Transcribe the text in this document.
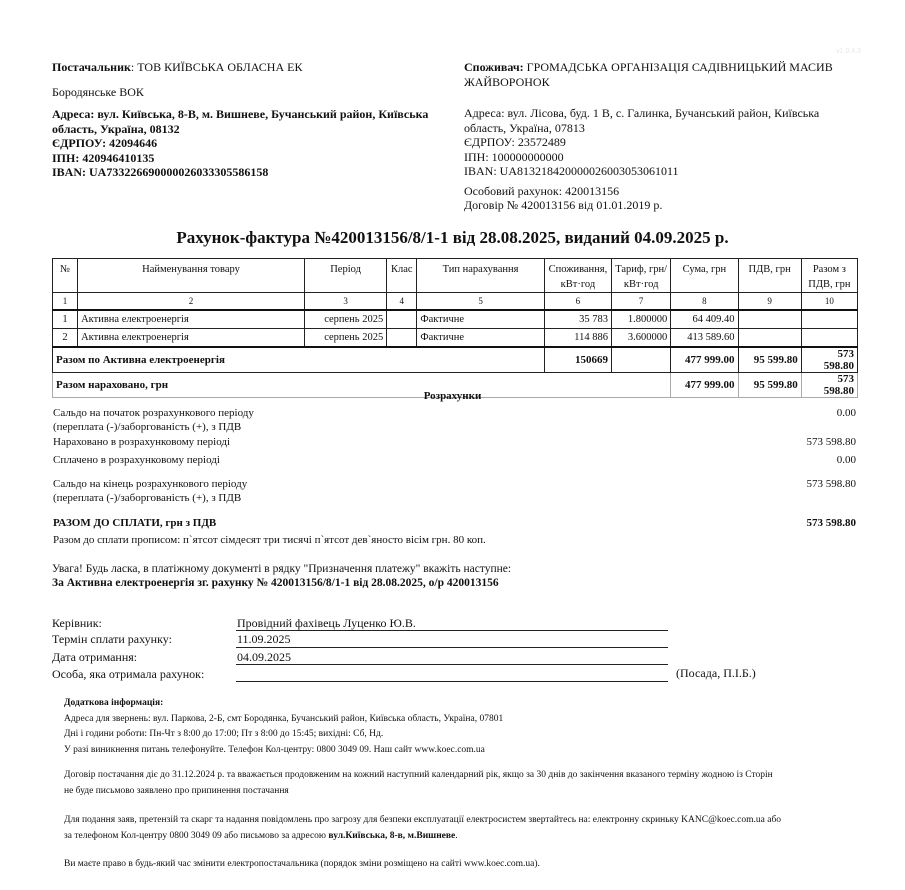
v1.0.4.3
Постачальник: ТОВ КИЇВСЬКА ОБЛАСНА ЕК
Бородянське ВОК
Адреса: вул. Київська, 8-В, м. Вишневе, Бучанський район, Київська область, Україна, 08132
ЄДРПОУ: 42094646
ІПН: 420946410135
IBAN: UA733226690000026033305586158
Споживач: ГРОМАДСЬКА ОРГАНІЗАЦІЯ САДІВНИЦЬКИЙ МАСИВ ЖАЙВОРОНОК
Адреса: вул. Лісова, буд. 1 В, с. Галинка, Бучанський район, Київська область, Україна, 07813
ЄДРПОУ: 23572489
ІПН: 100000000000
IBAN: UA813218420000026003053061011
Особовий рахунок: 420013156
Договір № 420013156 від 01.01.2019 р.
Рахунок-фактура №420013156/8/1-1 від 28.08.2025, виданий 04.09.2025 р.
№	Найменування товару	Період	Клас	Тип нарахування	Споживання, кВт·год	Тариф, грн/кВт·год	Сума, грн	ПДВ, грн	Разом з ПДВ, грн
1	2	3	4	5	6	7	8	9	10
1	Активна електроенергія	серпень 2025		Фактичне	35 783	1.800000	64 409.40		
2	Активна електроенергія	серпень 2025		Фактичне	114 886	3.600000	413 589.60		
Разом по Активна електроенергія					150669		477 999.00	95 599.80	573 598.80
Разом нараховано, грн							477 999.00	95 599.80	573 598.80
Розрахунки
Сальдо на початок розрахункового періоду
(переплата (-)/заборгованість (+), з ПДВ
0.00
Нараховано в розрахунковому періоді	573 598.80
Сплачено в розрахунковому періоді	0.00
Сальдо на кінець розрахункового періоду
(переплата (-)/заборгованість (+), з ПДВ
573 598.80
РАЗОМ ДО СПЛАТИ, грн з ПДВ	573 598.80
Разом до сплати прописом: п`ятсот сімдесят три тисячі п`ятсот дев`яносто вісім грн. 80 коп.
Увага! Будь ласка, в платіжному документі в рядку "Призначення платежу" вкажіть наступне:
За Активна електроенергія зг. рахунку № 420013156/8/1-1 від 28.08.2025, о/р 420013156
Керівник:	Провідний фахівець Луценко Ю.В.
Термін сплати рахунку:	11.09.2025
Дата отримання:	04.09.2025
Особа, яка отримала рахунок:	(Посада, П.І.Б.)
Додаткова інформація:
Адреса для звернень: вул. Паркова, 2-Б, смт Бородянка, Бучанський район, Київська область, Україна, 07801
Дні і години роботи: Пн-Чт з 8:00 до 17:00; Пт з 8:00 до 15:45; вихідні: Сб, Нд.
У разі виникнення питань телефонуйте. Телефон Кол-центру: 0800 3049 09. Наш сайт www.koec.com.ua
Договір постачання діє до 31.12.2024 р. та вважається продовженим на кожний наступний календарний рік, якщо за 30 днів до закінчення вказаного терміну жодною із Сторін
не буде письмово заявлено про припинення постачання
Для подання заяв, претензій та скарг та надання повідомлень про загрозу для безпеки експлуатації електросистем звертайтесь на: електронну скриньку KANC@koec.com.ua або
за телефоном Кол-центру 0800 3049 09 або письмово за адресою вул.Київська, 8-в, м.Вишневе.
Ви маєте право в будь-який час змінити електропостачальника (порядок зміни розміщено на сайті www.koec.com.ua).
